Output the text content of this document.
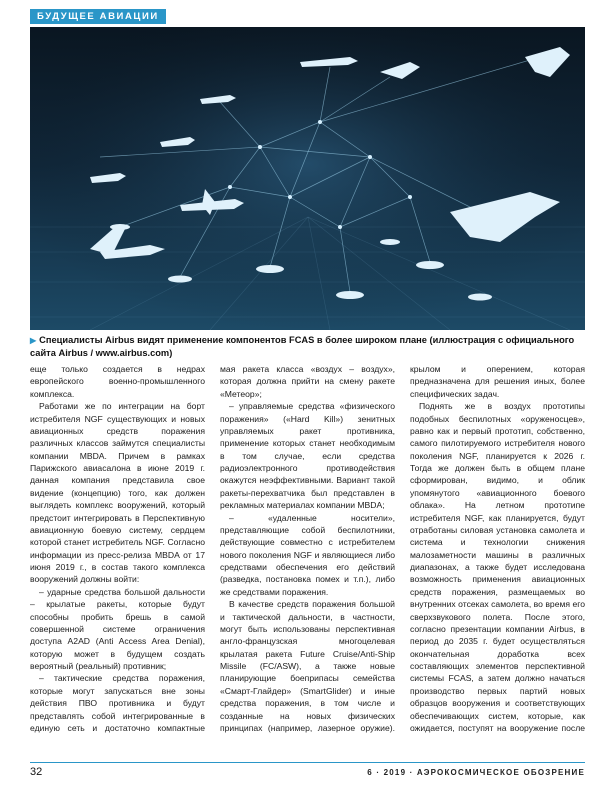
БУДУЩЕЕ АВИАЦИИ
▶ Специалисты Airbus видят применение компонентов FCAS в более широком плане (иллюстрация с официального сайта Airbus / www.airbus.com)

еще только создается в недрах европейского военно-промышленного комплекса.

Работами же по интеграции на борт истребителя NGF существующих и новых авиационных средств поражения различных классов займутся специалисты компании MBDA. Причем в рамках Парижского авиасалона в июне 2019 г. данная компания представила свое видение (концепцию) того, как должен выглядеть комплекс вооружений, который предстоит интегрировать в Перспективную авиационную боевую систему, сердцем которой станет истребитель NGF. Согласно информации из пресс-релиза MBDA от 17 июня 2019 г., в состав такого комплекса вооружений должны войти:

– ударные средства большой дальности – крылатые ракеты, которые будут способны пробить брешь в самой совершенной системе ограничения доступа A2AD (Anti Access Area Denial), которую может в будущем создать вероятный (реальный) противник;

– тактические средства поражения, которые могут запускаться вне зоны действия ПВО противника и будут представлять собой интегрированные в единую сеть и достаточно компактные

мая ракета класса «воздух – воздух», которая должна прийти на смену ракете «Метеор»;

– управляемые средства «физического поражения» («Hard Kill») зенитных управляемых ракет противника, применение которых станет необходимым в том случае, если средства радиоэлектронного противодействия окажутся неэффективными. Вариант такой ракеты-перехватчика был представлен в рекламных материалах компании MBDA;

– «удаленные носители», представляющие собой беспилотники, действующие совместно с истребителем нового поколения NGF и являющиеся либо средствами обеспечения его действий (разведка, постановка помех и т.п.), либо же средствами поражения.

В качестве средств поражения большой и тактической дальности, в частности, могут быть использованы перспективная англо-французская многоцелевая крылатая ракета Future Cruise/Anti-Ship Missile (FC/ASW), а также новые планирующие боеприпасы семейства «Смарт-Глайдер» (SmartGlider) и иные средства поражения, в том числе и созданные на новых физических принципах (например, лазерное оружие).

крылом и оперением, которая предназначена для решения иных, более специфических задач.

Поднять же в воздух прототипы подобных беспилотных «оруженосцев», равно как и первый прототип, собственно, самого пилотируемого истребителя нового поколения NGF, планируется к 2026 г. Тогда же должен быть в общем плане сформирован, видимо, и облик упомянутого «авиационного боевого облака». На летном прототипе истребителя NGF, как планируется, будут отработаны силовая установка самолета и система и технологии снижения малозаметности машины в различных диапазонах, а также будет исследована возможность применения авиационных средств поражения, размещаемых во внутренних отсеках самолета, во время его сверхзвукового полета. После этого, согласно презентации компании Airbus, в период до 2035 г. будет осуществляться окончательная доработка всех составляющих элементов перспективной системы FCAS, а затем должно начаться производство первых партий новых образцов вооружения и соответствующих обеспечивающих систем, которые, как ожидается, поступят на вооружение после

32	6 · 2019 · АЭРОКОСМИЧЕСКОЕ ОБОЗРЕНИЕ
